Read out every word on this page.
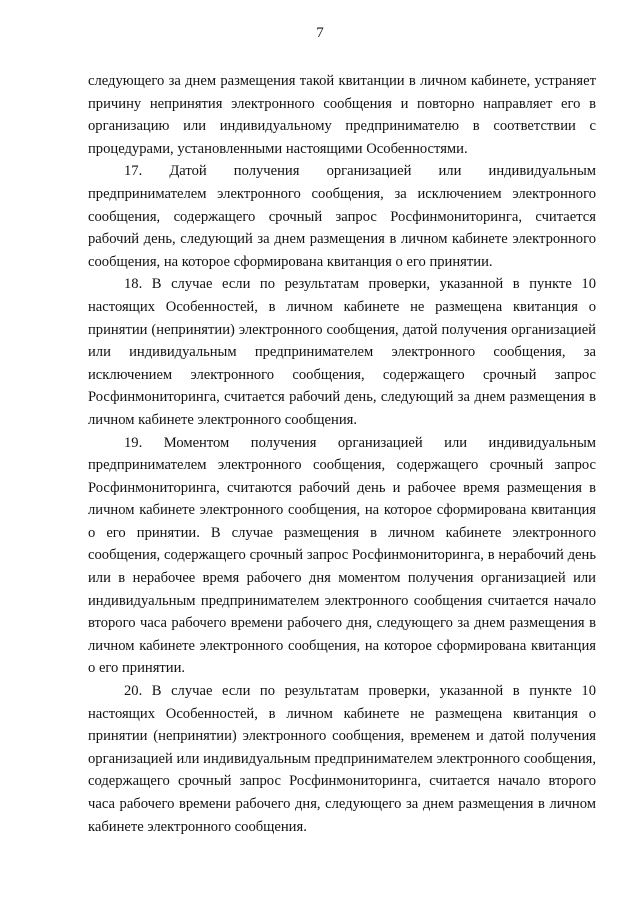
7

следующего за днем размещения такой квитанции в личном кабинете, устраняет причину непринятия электронного сообщения и повторно направляет его в организацию или индивидуальному предпринимателю в соответствии с процедурами, установленными настоящими Особенностями.

17. Датой получения организацией или индивидуальным предпринимателем электронного сообщения, за исключением электронного сообщения, содержащего срочный запрос Росфинмониторинга, считается рабочий день, следующий за днем размещения в личном кабинете электронного сообщения, на которое сформирована квитанция о его принятии.

18. В случае если по результатам проверки, указанной в пункте 10 настоящих Особенностей, в личном кабинете не размещена квитанция о принятии (непринятии) электронного сообщения, датой получения организацией или индивидуальным предпринимателем электронного сообщения, за исключением электронного сообщения, содержащего срочный запрос Росфинмониторинга, считается рабочий день, следующий за днем размещения в личном кабинете электронного сообщения.

19. Моментом получения организацией или индивидуальным предпринимателем электронного сообщения, содержащего срочный запрос Росфинмониторинга, считаются рабочий день и рабочее время размещения в личном кабинете электронного сообщения, на которое сформирована квитанция о его принятии. В случае размещения в личном кабинете электронного сообщения, содержащего срочный запрос Росфинмониторинга, в нерабочий день или в нерабочее время рабочего дня моментом получения организацией или индивидуальным предпринимателем электронного сообщения считается начало второго часа рабочего времени рабочего дня, следующего за днем размещения в личном кабинете электронного сообщения, на которое сформирована квитанция о его принятии.

20. В случае если по результатам проверки, указанной в пункте 10 настоящих Особенностей, в личном кабинете не размещена квитанция о принятии (непринятии) электронного сообщения, временем и датой получения организацией или индивидуальным предпринимателем электронного сообщения, содержащего срочный запрос Росфинмониторинга, считается начало второго часа рабочего времени рабочего дня, следующего за днем размещения в личном кабинете электронного сообщения.
